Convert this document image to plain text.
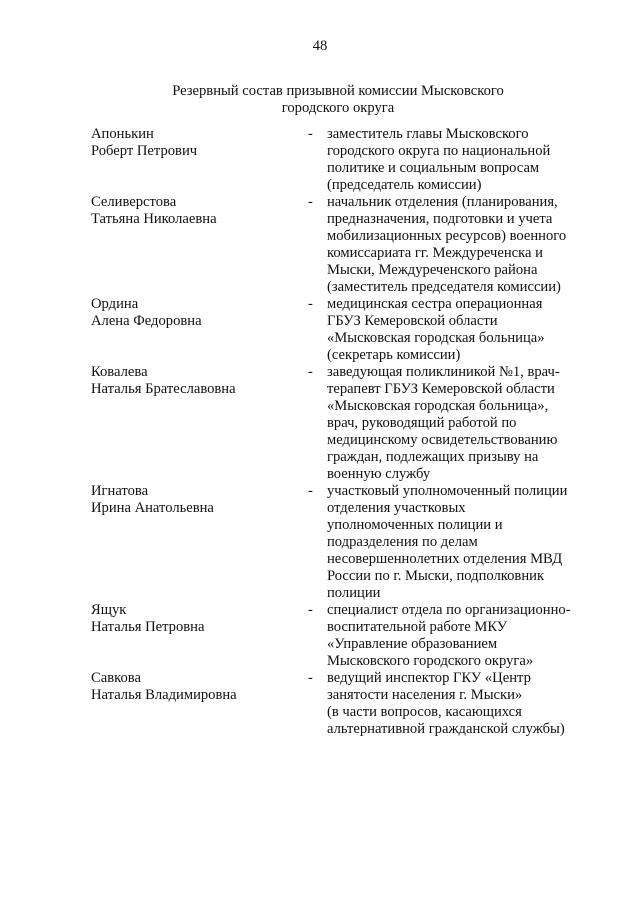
48
Резервный состав призывной комиссии Мысковского
городского округа
Апонькин
Роберт Петрович
- заместитель главы Мысковского
городского округа по национальной
политике и социальным вопросам
(председатель комиссии)
Селиверстова
Татьяна Николаевна
- начальник отделения (планирования,
предназначения, подготовки и учета
мобилизационных ресурсов) военного
комиссариата гг. Междуреченска и
Мыски, Междуреченского района
(заместитель председателя комиссии)
Ордина
Алена Федоровна
- медицинская сестра операционная
ГБУЗ Кемеровской области
«Мысковская городская больница»
(секретарь комиссии)
Ковалева
Наталья Братеславовна
- заведующая поликлиникой №1, врач-
терапевт ГБУЗ Кемеровской области
«Мысковская городская больница»,
врач, руководящий работой по
медицинскому освидетельствованию
граждан, подлежащих призыву на
военную службу
Игнатова
Ирина Анатольевна
- участковый уполномоченный полиции
отделения участковых
уполномоченных полиции и
подразделения по делам
несовершеннолетних отделения МВД
России по г. Мыски, подполковник
полиции
Ящук
Наталья Петровна
- специалист отдела по организационно-
воспитательной работе МКУ
«Управление образованием
Мысковского городского округа»
Савкова
Наталья Владимировна
- ведущий инспектор ГКУ «Центр
занятости населения г. Мыски»
(в части вопросов, касающихся
альтернативной гражданской службы)
